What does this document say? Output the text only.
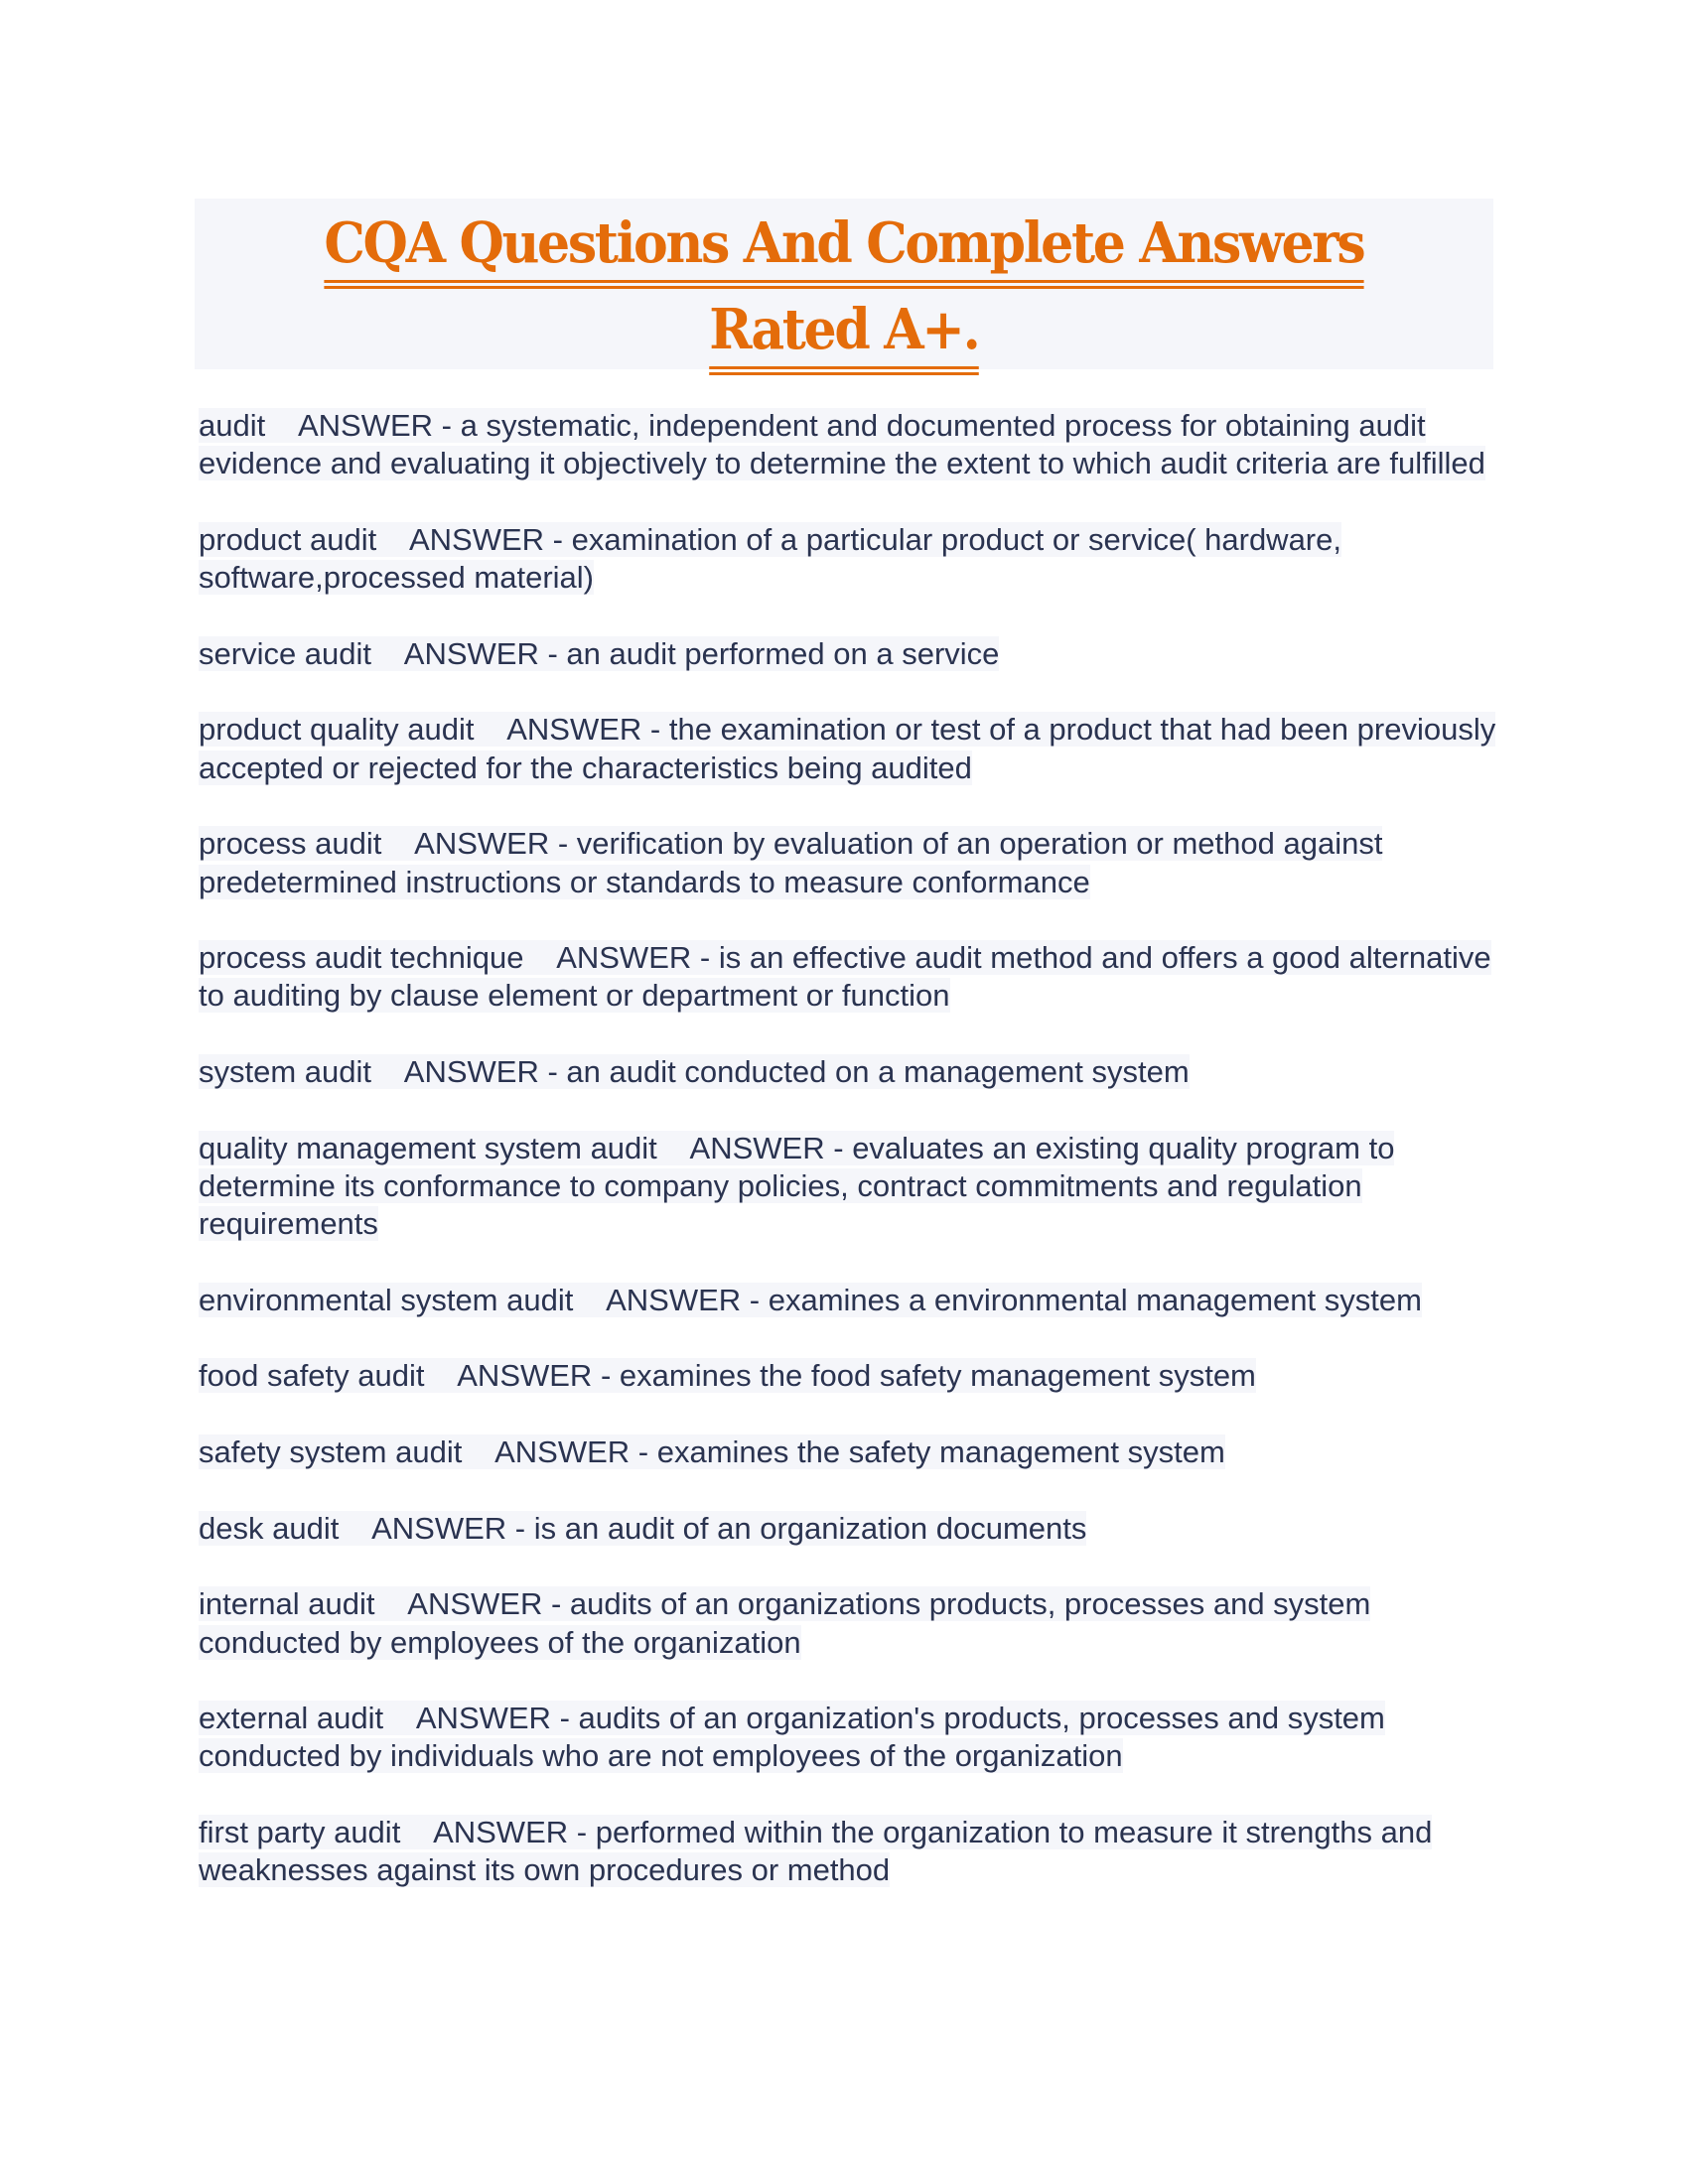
CQA Questions And Complete Answers
Rated A+.

audit ANSWER - a systematic, independent and documented process for obtaining audit evidence and evaluating it objectively to determine the extent to which audit criteria are fulfilled

product audit ANSWER - examination of a particular product or service( hardware, software,processed material)

service audit ANSWER - an audit performed on a service

product quality audit ANSWER - the examination or test of a product that had been previously accepted or rejected for the characteristics being audited

process audit ANSWER - verification by evaluation of an operation or method against predetermined instructions or standards to measure conformance

process audit technique ANSWER - is an effective audit method and offers a good alternative to auditing by clause element or department or function

system audit ANSWER - an audit conducted on a management system

quality management system audit ANSWER - evaluates an existing quality program to determine its conformance to company policies, contract commitments and regulation requirements

environmental system audit ANSWER - examines a environmental management system

food safety audit ANSWER - examines the food safety management system

safety system audit ANSWER - examines the safety management system

desk audit ANSWER - is an audit of an organization documents

internal audit ANSWER - audits of an organizations products, processes and system conducted by employees of the organization

external audit ANSWER - audits of an organization's products, processes and system conducted by individuals who are not employees of the organization

first party audit ANSWER - performed within the organization to measure it strengths and weaknesses against its own procedures or method
